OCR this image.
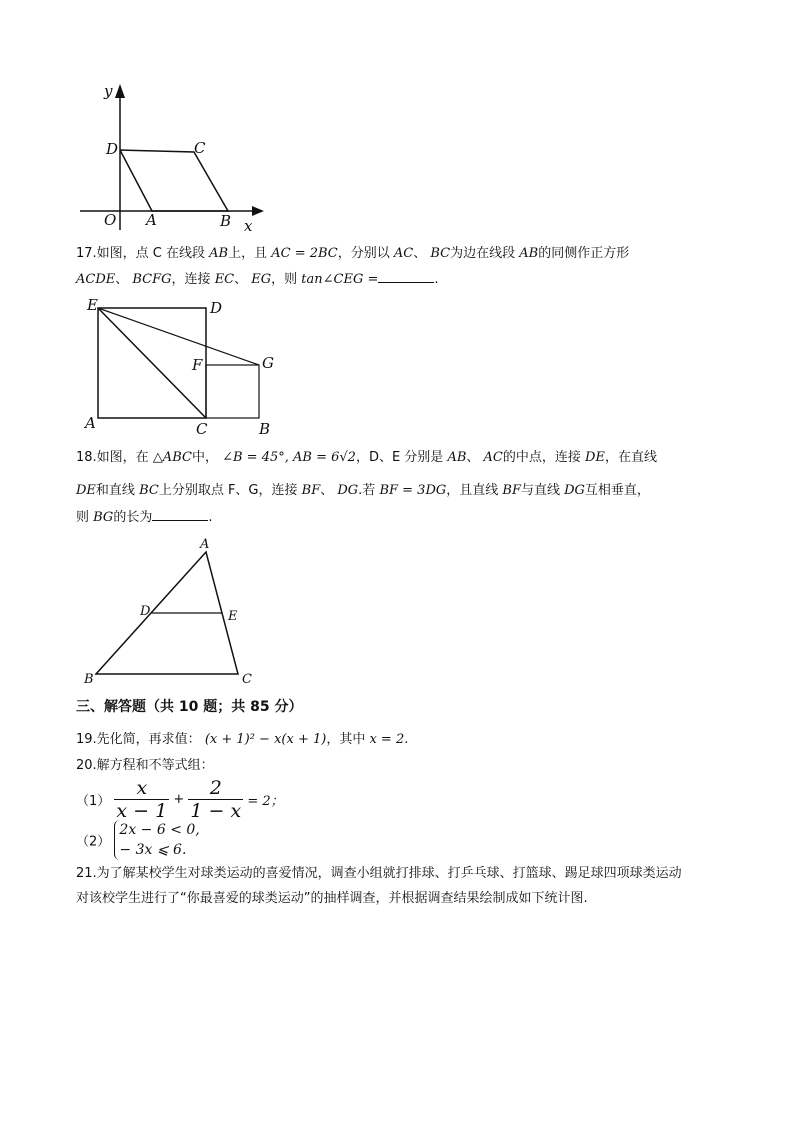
y
x
O A	B
C
D
17.如图，点 C 在线段 AB上，且 AC = 2BC，分别以 AC、 BC为边在线段 AB的同侧作正方形
ACDE、 BCFG，连接 EC、 EG，则 tan∠CEG =	.
E	D
F	G
A	C	B
18.如图，在 △ABC中， ∠B = 45°, AB = 6√2，D、E 分别是 AB、 AC的中点，连接 DE，在直线
DE和直线 BC上分别取点 F、G，连接 BF、 DG.若 BF = 3DG，且直线 BF与直线 DG互相垂直，
则 BG的长为	.
A
B	C
D	E
三、解答题（共 10 题；共 85 分）
19.先化简，再求值： (x + 1)² − x(x + 1)，其中 x = 2.
20.解方程和不等式组：
$(1) \frac{x}{x - 1} + \frac{2}{1 - x} = 2$；
（2）
2x − 6 < 0,
− 3x ⩽ 6.
21.为了解某校学生对球类运动的喜爱情况，调查小组就打排球、打乒乓球、打篮球、踢足球四项球类运动
对该校学生进行了“你最喜爱的球类运动”的抽样调查，并根据调查结果绘制成如下统计图.
